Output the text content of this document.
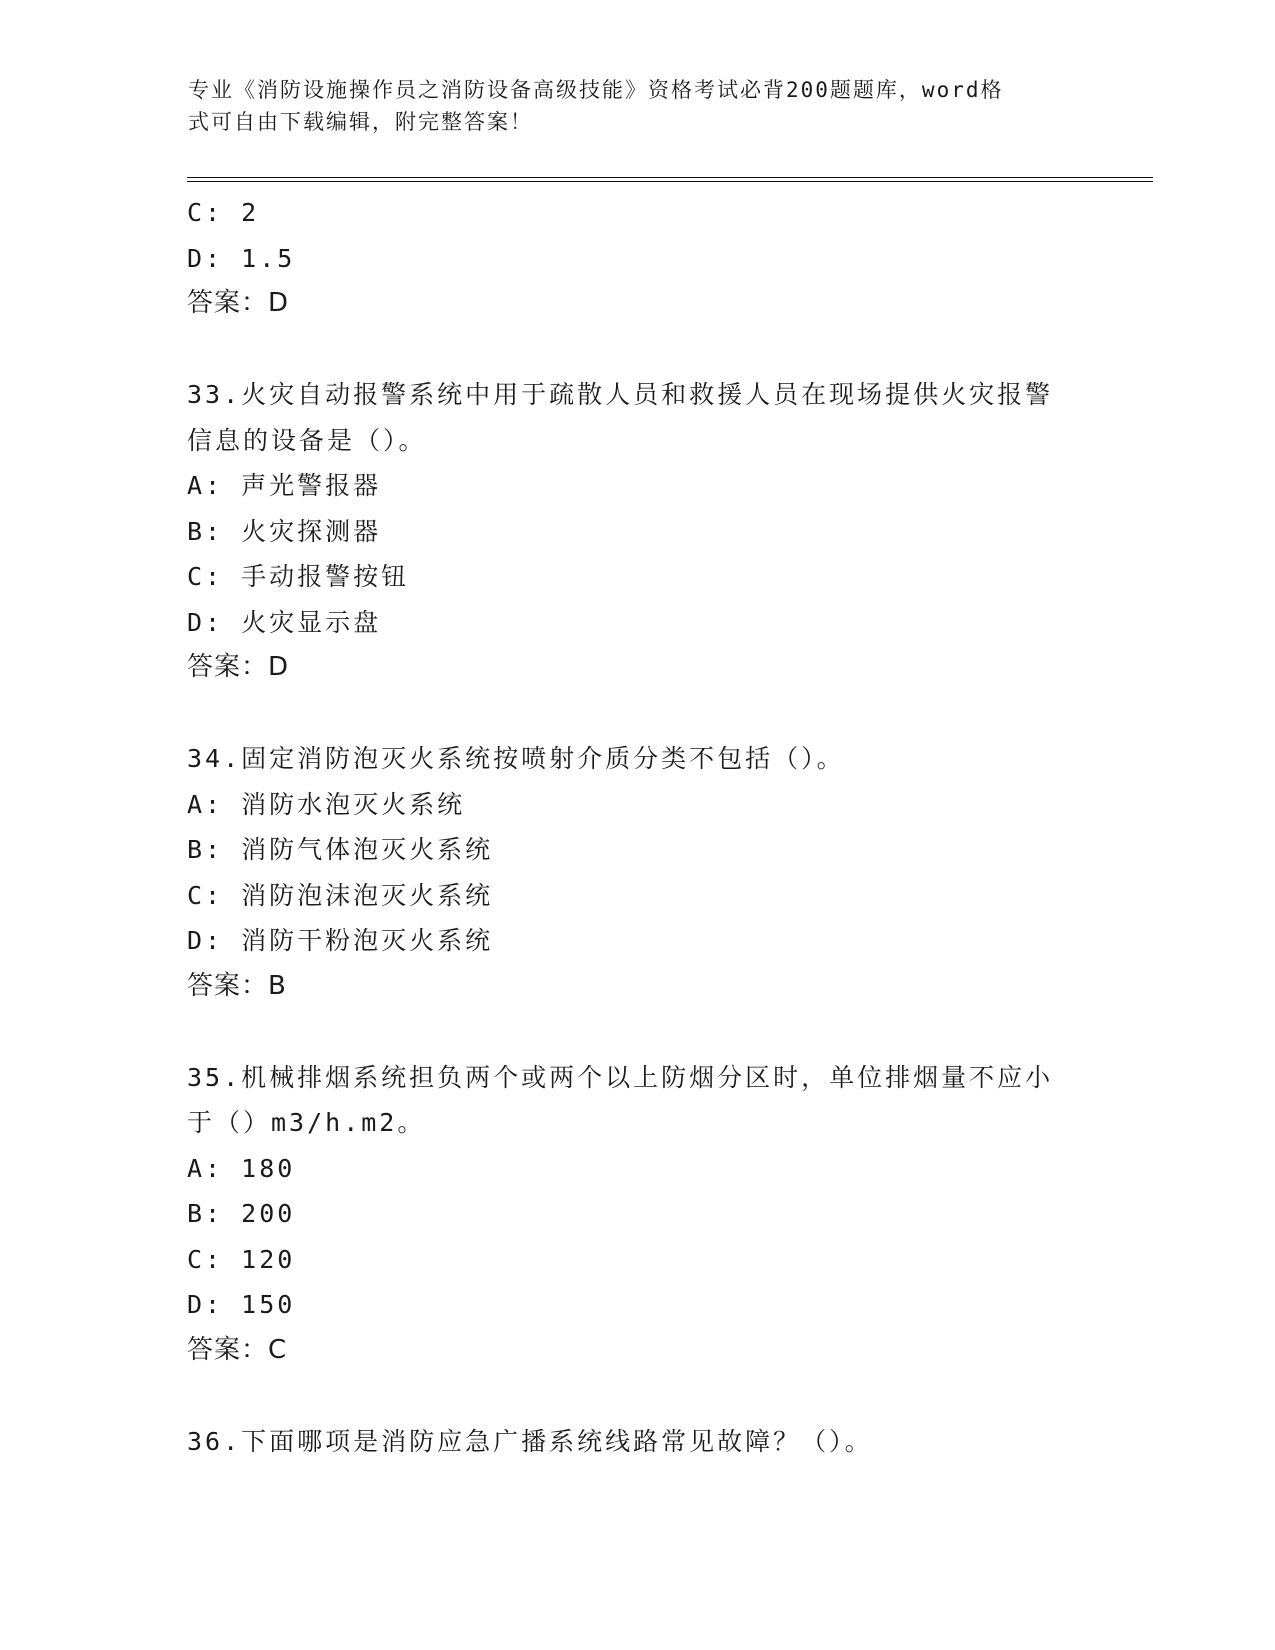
专业《消防设施操作员之消防设备高级技能》资格考试必背200题题库，word格
式可自由下载编辑，附完整答案！
C: 2
D: 1.5
答案：D
33.火灾自动报警系统中用于疏散人员和救援人员在现场提供火灾报警
信息的设备是（）。
A: 声光警报器
B: 火灾探测器
C: 手动报警按钮
D: 火灾显示盘
答案：D
34.固定消防泡灭火系统按喷射介质分类不包括（）。
A: 消防水泡灭火系统
B: 消防气体泡灭火系统
C: 消防泡沫泡灭火系统
D: 消防干粉泡灭火系统
答案：B
35.机械排烟系统担负两个或两个以上防烟分区时，单位排烟量不应小
于（）m3/h.m2。
A: 180
B: 200
C: 120
D: 150
答案：C
36.下面哪项是消防应急广播系统线路常见故障？（）。
